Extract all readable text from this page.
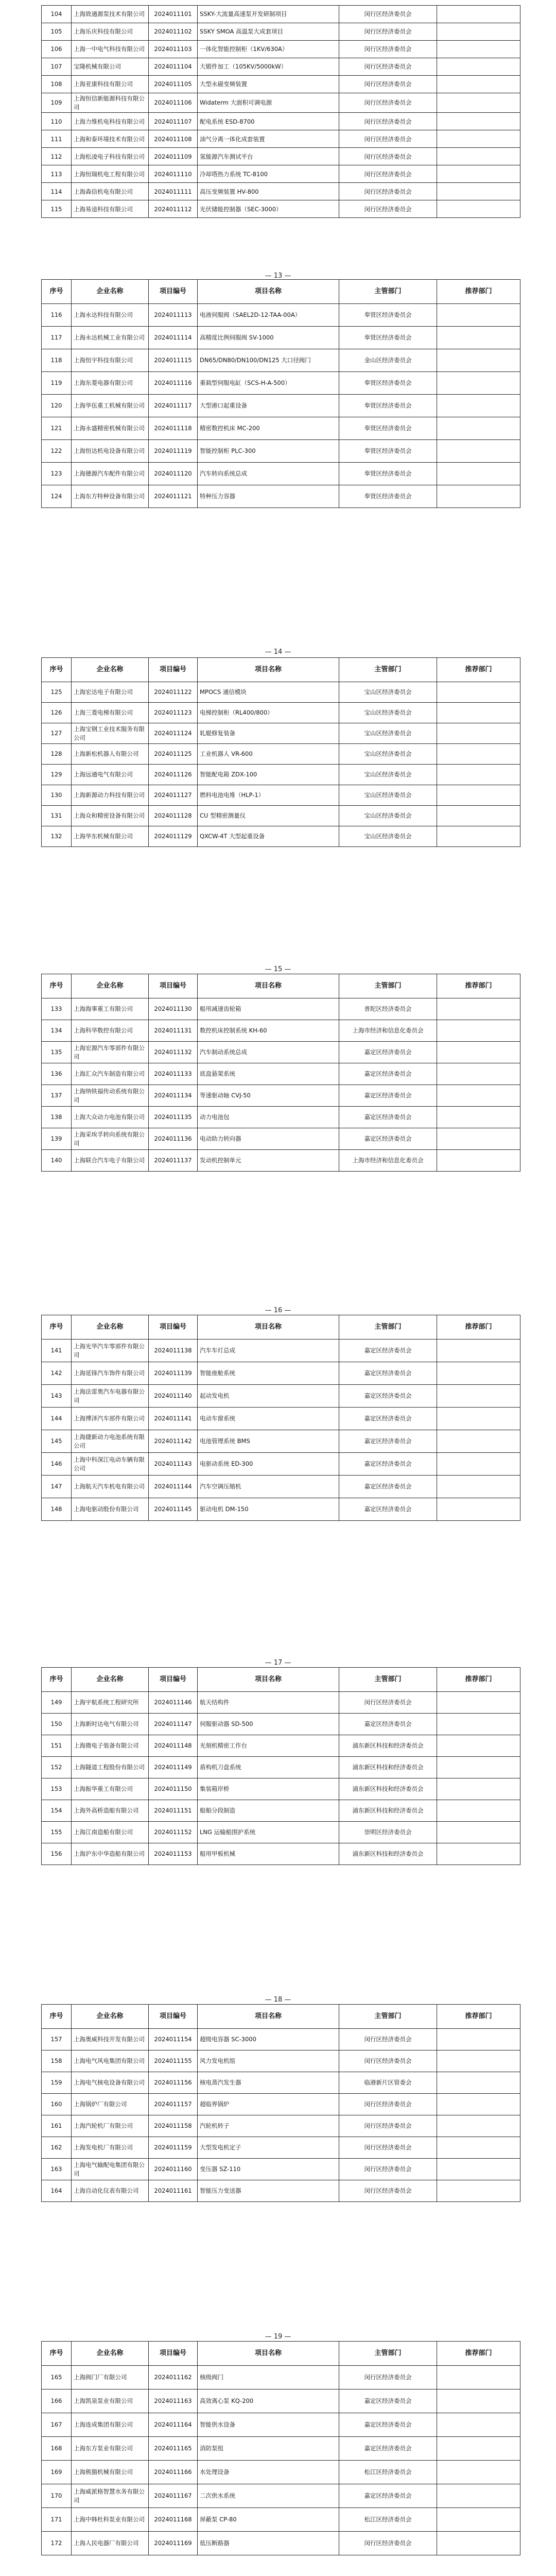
104	上海致通源泵技术有限公司	2024011101	SSKY-大流量高速泵开发研制项目	闵行区经济委员会	
105	上海乐庆科技有限公司	2024011102	SSKY SMOA 高温泵大成套项目	闵行区经济委员会	
106	上海一中电气科技有限公司	2024011103	一体化智能控制柜（1KV/630A）	闵行区经济委员会	
107	宝隆机械有限公司	2024011104	大锻件加工（105KV/5000kW）	闵行区经济委员会	
108	上海亚康科技有限公司	2024011105	大型永磁变频装置	闵行区经济委员会	
109	上海恒信新能源科技有限公司	2024011106	Widaterm 大面积可调电源	闵行区经济委员会	
110	上海力维机电科技有限公司	2024011107	配电系统 ESD-8700	闵行区经济委员会	
111	上海和泰环境技术有限公司	2024011108	油气分离一体化成套装置	闵行区经济委员会	
112	上海松凌电子科技有限公司	2024011109	氢能源汽车测试平台	闵行区经济委员会	
113	上海恒瑞机电工程有限公司	2024011110	冷却塔热力系统 TC-8100	闵行区经济委员会	
114	上海森信机电有限公司	2024011111	高压变频装置 HV-800	闵行区经济委员会	
115	上海易途科技有限公司	2024011112	光伏储能控制器（SEC-3000）	闵行区经济委员会	
— 13 —
序号	企业名称	项目编号	项目名称	主管部门	推荐部门
116	上海永达科技有限公司	2024011113	电液伺服阀（SAEL2D-12-TAA-00A）	奉贤区经济委员会	
117	上海永达机械工业有限公司	2024011114	高精度比例伺服阀 SV-1000	奉贤区经济委员会	
118	上海恒宇科技有限公司	2024011115	DN65/DN80/DN100/DN125 大口径阀门	金山区经济委员会	
119	上海东菱电器有限公司	2024011116	重载型伺服电缸（SCS-H-A-500）	奉贤区经济委员会	
120	上海华伍重工机械有限公司	2024011117	大型港口起重设备	奉贤区经济委员会	
121	上海永盛精密机械有限公司	2024011118	精密数控机床 MC-200	奉贤区经济委员会	
122	上海恒达机电设备有限公司	2024011119	智能控制柜 PLC-300	奉贤区经济委员会	
123	上海德源汽车配件有限公司	2024011120	汽车转向系统总成	奉贤区经济委员会	
124	上海东方特种设备有限公司	2024011121	特种压力容器	奉贤区经济委员会	
— 14 —
序号	企业名称	项目编号	项目名称	主管部门	推荐部门
125	上海宏达电子有限公司	2024011122	MPOCS 通信模块	宝山区经济委员会	
126	上海三菱电梯有限公司	2024011123	电梯控制柜（RL400/800）	宝山区经济委员会	
127	上海宝钢工业技术服务有限公司	2024011124	轧辊修复装备	宝山区经济委员会	
128	上海新松机器人有限公司	2024011125	工业机器人 VR-600	宝山区经济委员会	
129	上海远通电气有限公司	2024011126	智能配电箱 ZDX-100	宝山区经济委员会	
130	上海新源动力科技有限公司	2024011127	燃料电池电堆（HLP-1）	宝山区经济委员会	
131	上海众和精密设备有限公司	2024011128	CU 型精密测量仪	宝山区经济委员会	
132	上海华东机械有限公司	2024011129	QXCW-4T 大型起重设备	宝山区经济委员会	
— 15 —
序号	企业名称	项目编号	项目名称	主管部门	推荐部门
133	上海海事重工有限公司	2024011130	船用减速齿轮箱	普陀区经济委员会	
134	上海科华数控有限公司	2024011131	数控机床控制系统 KH-60	上海市经济和信息化委员会	
135	上海宏源汽车零部件有限公司	2024011132	汽车制动系统总成	嘉定区经济委员会	
136	上海汇众汽车制造有限公司	2024011133	底盘悬架系统	嘉定区经济委员会	
137	上海纳铁福传动系统有限公司	2024011134	等速驱动轴 CVJ-50	嘉定区经济委员会	
138	上海大众动力电池有限公司	2024011135	动力电池包	嘉定区经济委员会	
139	上海采埃孚转向系统有限公司	2024011136	电动助力转向器	嘉定区经济委员会	
140	上海联合汽车电子有限公司	2024011137	发动机控制单元	上海市经济和信息化委员会	
— 16 —
序号	企业名称	项目编号	项目名称	主管部门	推荐部门
141	上海光华汽车零部件有限公司	2024011138	汽车车灯总成	嘉定区经济委员会	
142	上海延锋汽车饰件有限公司	2024011139	智能座舱系统	嘉定区经济委员会	
143	上海法雷奥汽车电器有限公司	2024011140	起动发电机	嘉定区经济委员会	
144	上海博泽汽车部件有限公司	2024011141	电动车窗系统	嘉定区经济委员会	
145	上海捷新动力电池系统有限公司	2024011142	电池管理系统 BMS	嘉定区经济委员会	
146	上海中科深江电动车辆有限公司	2024011143	电驱动系统 ED-300	嘉定区经济委员会	
147	上海航天汽车机电有限公司	2024011144	汽车空调压缩机	嘉定区经济委员会	
148	上海电驱动股份有限公司	2024011145	驱动电机 DM-150	嘉定区经济委员会	
— 17 —
序号	企业名称	项目编号	项目名称	主管部门	推荐部门
149	上海宇航系统工程研究所	2024011146	航天结构件	闵行区经济委员会	
150	上海新时达电气有限公司	2024011147	伺服驱动器 SD-500	嘉定区经济委员会	
151	上海微电子装备有限公司	2024011148	光刻机精密工作台	浦东新区科技和经济委员会	
152	上海隧道工程股份有限公司	2024011149	盾构机刀盘系统	浦东新区科技和经济委员会	
153	上海振华重工有限公司	2024011150	集装箱岸桥	浦东新区科技和经济委员会	
154	上海外高桥造船有限公司	2024011151	船舶分段制造	浦东新区科技和经济委员会	
155	上海江南造船有限公司	2024011152	LNG 运输船围护系统	崇明区经济委员会	
156	上海沪东中华造船有限公司	2024011153	船用甲板机械	浦东新区科技和经济委员会	
— 18 —
序号	企业名称	项目编号	项目名称	主管部门	推荐部门
157	上海奥威科技开发有限公司	2024011154	超级电容器 SC-3000	闵行区经济委员会	
158	上海电气风电集团有限公司	2024011155	风力发电机组	闵行区经济委员会	
159	上海电气核电设备有限公司	2024011156	核电蒸汽发生器	临港新片区管委会	
160	上海锅炉厂有限公司	2024011157	超临界锅炉	闵行区经济委员会	
161	上海汽轮机厂有限公司	2024011158	汽轮机转子	闵行区经济委员会	
162	上海发电机厂有限公司	2024011159	大型发电机定子	闵行区经济委员会	
163	上海电气输配电集团有限公司	2024011160	变压器 SZ-110	闵行区经济委员会	
164	上海自动化仪表有限公司	2024011161	智能压力变送器	闵行区经济委员会	
— 19 —
序号	企业名称	项目编号	项目名称	主管部门	推荐部门
165	上海阀门厂有限公司	2024011162	核级阀门	闵行区经济委员会	
166	上海凯泉泵业有限公司	2024011163	高效离心泵 KQ-200	嘉定区经济委员会	
167	上海连成集团有限公司	2024011164	智能供水设备	嘉定区经济委员会	
168	上海东方泵业有限公司	2024011165	消防泵组	嘉定区经济委员会	
169	上海熊猫机械有限公司	2024011166	水处理设备	松江区经济委员会	
170	上海威派格智慧水务有限公司	2024011167	二次供水系统	嘉定区经济委员会	
171	上海中韩杜科泵业有限公司	2024011168	屏蔽泵 CP-80	松江区经济委员会	
172	上海人民电器厂有限公司	2024011169	低压断路器	闵行区经济委员会	
